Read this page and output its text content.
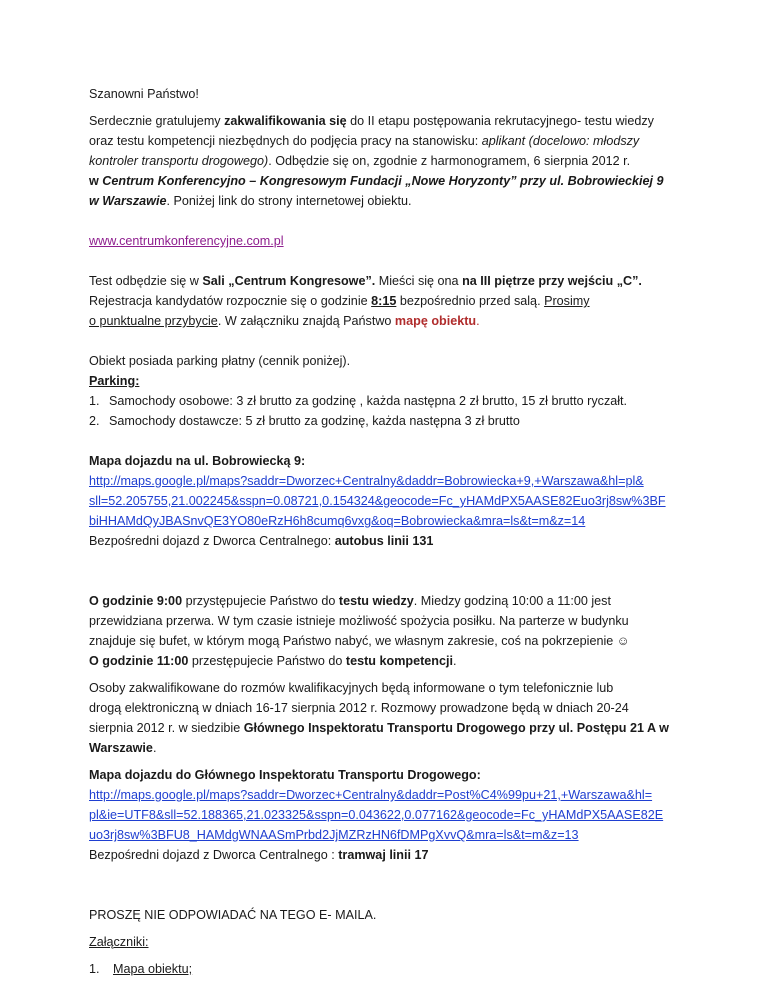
Szanowni Państwo!

Serdecznie gratulujemy zakwalifikowania się do II etapu postępowania rekrutacyjnego- testu wiedzy
oraz testu kompetencji niezbędnych do podjęcia pracy na stanowisku: aplikant (docelowo: młodszy
kontroler transportu drogowego). Odbędzie się on, zgodnie z harmonogramem, 6 sierpnia 2012 r.
w Centrum Konferencyjno – Kongresowym Fundacji „Nowe Horyzonty” przy ul. Bobrowieckiej 9
w Warszawie. Poniżej link do strony internetowej obiektu.

www.centrumkonferencyjne.com.pl

Test odbędzie się w Sali „Centrum Kongresowe”. Mieści się ona na III piętrze przy wejściu „C”.
Rejestracja kandydatów rozpocznie się o godzinie 8:15 bezpośrednio przed salą. Prosimy
o punktualne przybycie. W załączniku znajdą Państwo mapę obiektu.

Obiekt posiada parking płatny (cennik poniżej).

Parking:

1. Samochody osobowe: 3 zł brutto za godzinę , każda następna 2 zł brutto, 15 zł brutto ryczałt.
2. Samochody dostawcze: 5 zł brutto za godzinę, każda następna 3 zł brutto

Mapa dojazdu na ul. Bobrowiecką 9:

http://maps.google.pl/maps?saddr=Dworzec+Centralny&daddr=Bobrowiecka+9,+Warszawa&hl=pl&
sll=52.205755,21.002245&sspn=0.08721,0.154324&geocode=Fc_yHAMdPX5AASE82Euo3rj8sw%3BF
biHHAMdQyJBASnvQE3YO80eRzH6h8cumq6vxg&oq=Bobrowiecka&mra=ls&t=m&z=14

Bezpośredni dojazd z Dworca Centralnego: autobus linii 131

O godzinie 9:00 przystępujecie Państwo do testu wiedzy. Miedzy godziną 10:00 a 11:00 jest
przewidziana przerwa. W tym czasie istnieje możliwość spożycia posiłku. Na parterze w budynku
znajduje się bufet, w którym mogą Państwo nabyć, we własnym zakresie, coś na pokrzepienie ☺
O godzinie 11:00 przestępujecie Państwo do testu kompetencji.

Osoby zakwalifikowane do rozmów kwalifikacyjnych będą informowane o tym telefonicznie lub
drogą elektroniczną w dniach 16-17 sierpnia 2012 r. Rozmowy prowadzone będą w dniach 20-24
sierpnia 2012 r. w siedzibie Głównego Inspektoratu Transportu Drogowego przy ul. Postępu 21 A w
Warszawie.

Mapa dojazdu do Głównego Inspektoratu Transportu Drogowego:

http://maps.google.pl/maps?saddr=Dworzec+Centralny&daddr=Post%C4%99pu+21,+Warszawa&hl=
pl&ie=UTF8&sll=52.188365,21.023325&sspn=0.043622,0.077162&geocode=Fc_yHAMdPX5AASE82E
uo3rj8sw%3BFU8_HAMdgWNAASmPrbd2JjMZRzHN6fDMPgXvvQ&mra=ls&t=m&z=13

Bezpośredni dojazd z Dworca Centralnego : tramwaj linii 17

PROSZĘ NIE ODPOWIADAĆ NA TEGO E- MAILA.

Załączniki:

1. Mapa obiektu;
